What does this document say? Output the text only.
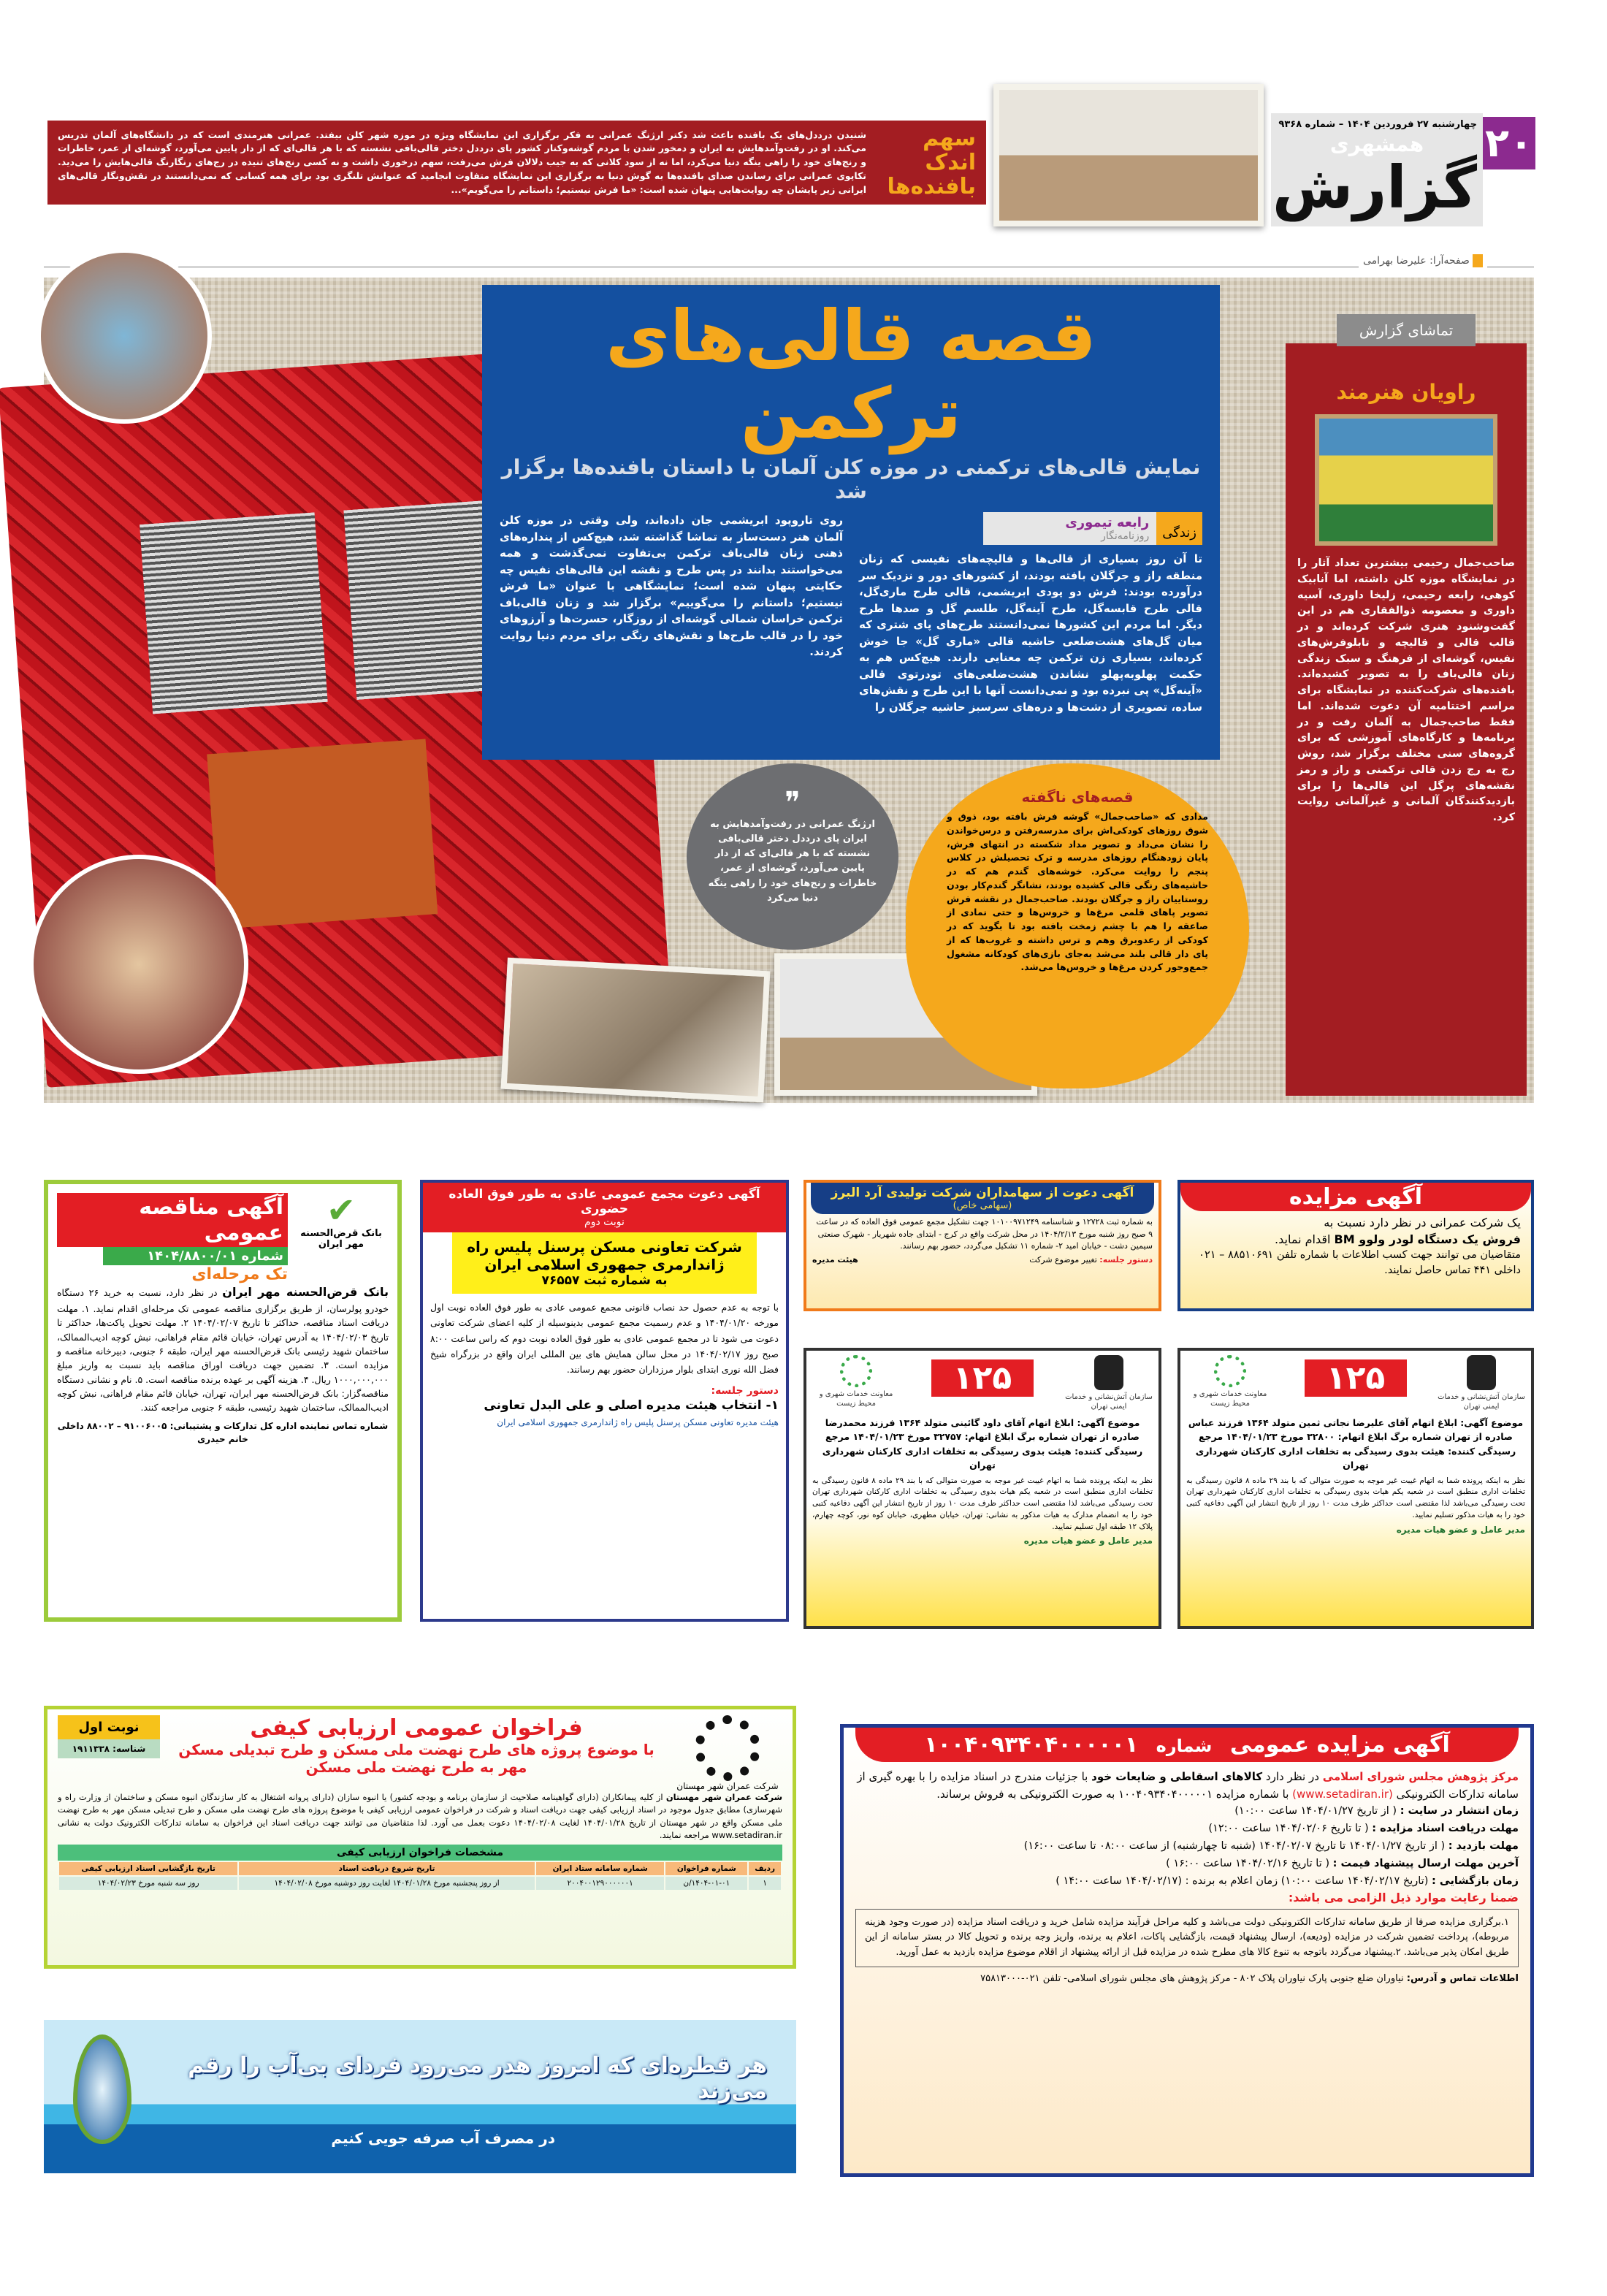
۲۰
چهارشنبه ۲۷ فروردین ۱۴۰۴ – شماره ۹۳۶۸
همشهری
گزارش
صفحه‌آرا: علیرضا بهرامی
سهم اندک بافنده‌ها

شنیدن درددل‌های یک بافنده باعث شد دکتر ارژنگ عمرانی به فکر برگزاری این نمایشگاه ویژه در موزه شهر کلن بیفتد. عمرانی هنرمندی است که در دانشگاه‌های آلمان تدریس می‌کند. او در رفت‌وآمدهایش به ایران و دمخور شدن با مردم گوشه‌وکنار کشور پای درددل دختر قالی‌بافی نشسته که با هر قالی‌ای که از دار پایین می‌آورد، گوشه‌ای از عمر، خاطرات و رنج‌های خود را راهی ینگه دنیا می‌کرد، اما نه از سود کلانی که به جیب دلالان فرش می‌رفت، سهم درخوری داشت و نه کسی رنج‌های تنیده در رج‌های رنگارنگ قالی‌هایش را می‌دید. تکاپوی عمرانی برای رساندن صدای بافنده‌ها به گوش دنیا به برگزاری این نمایشگاه متفاوت انجامید که عنوانش تلنگری بود برای همه کسانی که نمی‌دانستند در نقش‌ونگار قالی‌های ایرانی زیر پایشان چه روایت‌هایی پنهان شده است: «ما فرش نیستیم؛ داستانم را می‌گویم»...

قصه قالی‌های ترکمن
نمایش قالی‌های ترکمنی در موزه کلن آلمان با داستان بافنده‌ها برگزار شد
زندگی
رابعه تیموری
روزنامه‌نگار

تا آن روز بسیاری از قالی‌ها و قالیچه‌های نفیسی که زنان منطقه راز و جرگلان بافته بودند، از کشورهای دور و نزدیک سر درآورده بودند: فرش دو پودی ابریشمی، قالی طرح ماری‌گل، قالی طرح قابسه‌گل، طرح آینه‌گل، طلسم گل و صدها طرح دیگر. اما مردم این کشورها نمی‌دانستند طرح‌های پای شتری که میان گل‌های هشت‌ضلعی حاشیه قالی «ماری گل» جا خوش کرده‌اند، بسیاری زن ترکمن چه معنایی دارند. هیچ‌کس هم به حکمت پهلوبه‌پهلو نشاندن هشت‌ضلعی‌های تودرتوی قالی «آینه‌گل» پی نبرده بود و نمی‌دانست آنها با این طرح و نقش‌های ساده، تصویری از دشت‌ها و دره‌های سرسبز حاشیه جرگلان را

روی تاروپود ابریشمی جان داده‌اند، ولی وقتی در موزه کلن آلمان هنر دست‌ساز به تماشا گذاشته شد، هیچ‌کس از پنداره‌های ذهنی زنان قالی‌باف ترکمن بی‌تفاوت نمی‌گذشت و همه می‌خواستند بدانند در پس طرح و نقشه این قالی‌های نفیس چه حکایتی پنهان شده است؛ نمایشگاهی با عنوان «ما فرش نیستیم؛ داستانم را می‌گوییم» برگزار شد و زنان قالی‌باف ترکمن خراسان شمالی گوشه‌ای از روزگار، حسرت‌ها و آرزوهای خود را در قالب طرح‌ها و نقش‌های رنگی برای مردم دنیا روایت کردند.

تماشای گزارش
راویان هنرمند

صاحب‌جمال رحیمی بیشترین تعداد آثار را در نمایشگاه موزه کلن داشته، اما آنابیک کوهی، رابعه رحیمی، زلیخا داوری، آسیه داوری و معصومه ذوالفقاری هم در این گفت‌وشنود هنری شرکت کرده‌اند و در قالب قالی و قالیچه و تابلوفرش‌های نفیس، گوشه‌ای از فرهنگ و سبک زندگی زنان قالی‌باف را به تصویر کشیده‌اند. بافنده‌های شرکت‌کننده در نمایشگاه برای مراسم اختتامیه آن دعوت شده‌اند. اما فقط صاحب‌جمال به آلمان رفت و در برنامه‌ها و کارگاه‌های آموزشی که برای گروه‌های سنی مختلف برگزار شد، روش رج به رج زدن قالی ترکمنی و راز و رمز نقشه‌های پرگل این قالی‌ها را برای بازدیدکنندگان آلمانی و غیرآلمانی روایت کرد.

❞

ارژنگ عمرانی در رفت‌وآمدهایش به ایران پای درددل دختر قالی‌بافی نشسته که با هر قالی‌ای که از دار پایین می‌آورد، گوشه‌ای از عمر، خاطرات و رنج‌های خود را راهی ینگه دنیا می‌کرد

قصه‌های ناگفته

مدادی که «صاحب‌جمال» گوشه فرش بافته بود، ذوق و شوق روزهای کودکی‌اش برای مدرسه‌رفتن و درس‌خواندن را نشان می‌داد و تصویر مداد شکسته در انتهای فرش، پایان زودهنگام روزهای مدرسه و ترک تحصیلش در کلاس پنجم را روایت می‌کرد. خوشه‌های گندم هم که در حاشیه‌های رنگی قالی کشیده بودند، نشانگر گندم‌کار بودن روستاییان راز و جرگلان بودند. صاحب‌جمال در نقشه فرش تصویر پاهای قلمی مرغ‌ها و خروس‌ها و حتی نمادی از صاعقه را هم با چشم زمخت بافته بود تا بگوید که در کودکی از رعدوبرق وهم و ترس داشته و غروب‌ها که از پای دار قالی بلند می‌شد به‌جای بازی‌های کودکانه مشغول جمع‌وجور کردن مرغ‌ها و خروس‌ها می‌شد.

✔
بانک قرض‌الحسنه مهر ایران
آگهی مناقصه عمومی
شماره ۱۴۰۴/۸۸۰۰/۰۱
تک مرحله‌ای

بانک قرض‌الحسنه مهر ایران در نظر دارد، نسبت به خرید ۲۶ دستگاه خودرو پولرسان، از طریق برگزاری مناقصه عمومی تک مرحله‌ای اقدام نماید. ۱. مهلت دریافت اسناد مناقصه، حداکثر تا تاریخ ۱۴۰۴/۰۲/۰۷ ۲. مهلت تحویل پاکت‌ها، حداکثر تا تاریخ ۱۴۰۴/۰۲/۰۳ به آدرس تهران، خیابان قائم مقام فراهانی، نبش کوچه ادیب‌الممالک، ساختمان شهید رئیسی بانک قرض‌الحسنه مهر ایران، طبقه ۶ جنوبی، دبیرخانه مناقصه و مزایده است. ۳. تضمین جهت دریافت اوراق مناقصه باید نسبت به واریز مبلغ ۱۰۰۰,۰۰۰,۰۰۰ ریال. ۴. هزینه آگهی بر عهده برنده مناقصه است. ۵. نام و نشانی دستگاه مناقصه‌گزار: بانک قرض‌الحسنه مهر ایران، تهران، خیابان قائم مقام فراهانی، نبش کوچه ادیب‌الممالک، ساختمان شهید رئیسی، طبقه ۶ جنوبی مراجعه کنند.

شماره تماس نماینده اداره کل تدارکات و پشتیبانی: ۹۱۰۰۶۰۰۵ – ۸۸۰۰۲ داخلی خانم حیدری

آگهی دعوت مجمع عمومی عادی به طور فوق العاده حضوری
نوبت دوم
شرکت تعاونی مسکن پرسنل پلیس راه ژاندارمری جمهوری اسلامی ایران
به شماره ثبت ۷۶۵۵۷

با توجه به عدم حصول حد نصاب قانونی مجمع عمومی عادی به طور فوق العاده نوبت اول مورخه ۱۴۰۴/۰۱/۲۰ و عدم رسمیت مجمع عمومی بدینوسیله از کلیه اعضای شرکت تعاونی دعوت می شود تا در مجمع عمومی عادی به طور فوق العاده نوبت دوم که راس ساعت ۸:۰۰ صبح روز ۱۴۰۴/۰۲/۱۷ در محل سالن همایش های بین المللی ایران واقع در بزرگراه شیخ فضل الله نوری ابتدای بلوار مرزداران حضور بهم رسانند.

دستور جلسه:
۱- انتخاب هیئت مدیره اصلی و علی البدل تعاونی
هیئت مدیره تعاونی مسکن پرسنل پلیس راه ژاندارمری جمهوری اسلامی ایران
آگهی دعوت از سهامداران شرکت تولیدی آرد البرز
(سهامی خاص)

به شماره ثبت ۱۲۷۲۸ و شناسنامه ۱۰۱۰۰۹۷۱۲۴۹ جهت تشکیل مجمع عمومی فوق العاده که در ساعت ۹ صبح روز شنبه مورخ ۱۴۰۴/۲/۱۳ در محل شرکت واقع در کرج - ابتدای جاده شهریار - شهرک صنعتی سیمین دشت - خیابان امید ۲- شماره ۱۱ تشکیل می‌گردد، حضور بهم رسانند.

دستور جلسه: تغییر موضوع شرکت
هیئت مدیره
آگهی مزایده
یک شرکت عمرانی در نظر دارد نسبت به
فروش یک دستگاه لودر ولوو BM اقدام نماید.
متقاضیان می توانند جهت کسب اطلاعات با شماره تلفن ۸۸۵۱۰۶۹۱ – ۰۲۱ داخلی ۴۴۱ تماس حاصل نمایند.
سازمان آتش‌نشانی و خدمات ایمنی تهران
۱۲۵
معاونت خدمات شهری و محیط زیست

موضوع آگهی: ابلاغ اتهام آقای داود گائینی متولد ۱۳۶۴ فرزند محمدرضا صادره از تهران شماره برگ ابلاغ اتهام: ۳۲۷۵۷ مورخ ۱۴۰۴/۰۱/۲۳ مرجع رسیدگی کننده: هیئت بدوی رسیدگی به تخلفات اداری کارکنان شهرداری تهران

نظر به اینکه پرونده شما به اتهام غیبت غیر موجه به صورت متوالی که با بند ۲۹ ماده ۸ قانون رسیدگی به تخلفات اداری منطبق است در شعبه یکم هیات بدوی رسیدگی به تخلفات اداری کارکنان شهرداری تهران تحت رسیدگی می‌باشد لذا مقتضی است حداکثر ظرف مدت ۱۰ روز از تاریخ انتشار این آگهی دفاعیه کتبی خود را به انضمام مدارک به هیات مذکور به نشانی: تهران، خیابان مطهری، خیابان کوه نور، کوچه چهارم، پلاک ۱۲ طبقه اول تسلیم نمایید.

مدیر عامل و عضو هیات مدیره
سازمان آتش‌نشانی و خدمات ایمنی تهران
۱۲۵
معاونت خدمات شهری و محیط زیست

موضوع آگهی: ابلاغ اتهام آقای علیرضا نجاتی ثمین متولد ۱۳۶۴ فرزند عباس صادره از تهران شماره برگ ابلاغ اتهام: ۳۲۸۰۰ مورخ ۱۴۰۴/۰۱/۲۳ مرجع رسیدگی کننده: هیئت بدوی رسیدگی به تخلفات اداری کارکنان شهرداری تهران

نظر به اینکه پرونده شما به اتهام غیبت غیر موجه به صورت متوالی که با بند ۲۹ ماده ۸ قانون رسیدگی به تخلفات اداری منطبق است در شعبه یکم هیات بدوی رسیدگی به تخلفات اداری کارکنان شهرداری تهران تحت رسیدگی می‌باشد لذا مقتضی است حداکثر ظرف مدت ۱۰ روز از تاریخ انتشار این آگهی دفاعیه کتبی خود را به هیات مذکور تسلیم نمایید.

مدیر عامل و عضو هیات مدیره
شرکت عمران شهر مهستان
فراخوان عمومی ارزیابی کیفی
با موضوع پروژه های طرح نهضت ملی مسکن و طرح تبدیلی مسکن مهر به طرح نهضت ملی مسکن
نوبت اول
شناسه: ۱۹۱۱۳۳۸

شرکت عمران شهر مهستان از کلیه پیمانکاران (دارای گواهینامه صلاحیت از سازمان برنامه و بودجه کشور) یا انبوه سازان (دارای پروانه اشتغال به کار سازندگان انبوه مسکن و ساختمان از وزارت راه و شهرسازی) مطابق جدول موجود در اسناد ارزیابی کیفی جهت دریافت اسناد و شرکت در فراخوان عمومی ارزیابی کیفی با موضوع پروژه های طرح نهضت ملی مسکن و طرح تبدیلی مسکن مهر به طرح نهضت ملی مسکن واقع در شهر مهستان از تاریخ ۱۴۰۴/۰۱/۲۸ لغایت ۱۴۰۴/۰۲/۰۸ دعوت بعمل می آورد. لذا متقاضیان می توانند جهت دریافت اسناد این فراخوان به سامانه تدارکات الکترونیک دولت به نشانی www.setadiran.ir مراجعه نمایند.

مشخصات فراخوان ارزیابی کیفی
ردیف	شماره فراخوان	شماره سامانه ستاد ایران	تاریخ شروع دریافت اسناد	تاریخ بازگشایی اسناد ارزیابی کیفی
۱	۱۴۰۴-۰۱-۰۱/ن	۲۰۰۴۰۰۱۲۹۰۰۰۰۰۰۱	از روز پنجشنبه مورخ ۱۴۰۴/۰۱/۲۸ لغایت روز دوشنبه مورخ ۱۴۰۴/۰۲/۰۸	روز سه شنبه مورخ ۱۴۰۴/۰۲/۲۳
هر قطره‌ای که امروز هدر می‌رود فردای بی‌آب را رقم می‌زند
در مصرف آب صرفه جویی کنیم
آگهی مزایده عمومی شماره ۱۰۰۴۰۹۳۴۰۴۰۰۰۰۰۱

مرکز پژوهش مجلس شورای اسلامی در نظر دارد کالاهای اسقاطی و ضایعات خود با جزئیات مندرج در اسناد مزایده را با بهره گیری از سامانه تدارکات الکترونیکی (www.setadiran.ir) با شماره مزایده ۱۰۰۴۰۹۳۴۰۴۰۰۰۰۰۱ به صورت الکترونیکی به فروش برساند.

زمان انتشار در سایت : ( از تاریخ ۱۴۰۴/۰۱/۲۷ ساعت ۱۰:۰۰)
مهلت دریافت اسناد مزایده : ( تا تاریخ ۱۴۰۴/۰۲/۰۶ ساعت ۱۲:۰۰)
مهلت بازدید : ( از تاریخ ۱۴۰۴/۰۱/۲۷ تا تاریخ ۱۴۰۴/۰۲/۰۷ (شنبه تا چهارشنبه) از ساعت ۰۸:۰۰ تا ساعت ۱۶:۰۰)
آخرین مهلت ارسال پیشنهاد قیمت : ( تا تاریخ ۱۴۰۴/۰۲/۱۶ ساعت ۱۶:۰۰ )
زمان بازگشایی : (تاریخ ۱۴۰۴/۰۲/۱۷ ساعت ۱۰:۰۰) زمان اعلام به برنده : (۱۴۰۴/۰۲/۱۷ ساعت ۱۴:۰۰ )
ضمنا رعایت موارد ذیل الزامی می باشد:

۱.برگزاری مزایده صرفا از طریق سامانه تدارکات الکترونیکی دولت می‌باشد و کلیه مراحل فرآیند مزایده شامل خرید و دریافت اسناد مزایده (در صورت وجود هزینه مربوطه)، پرداخت تضمین شرکت در مزایده (ودیعه)، ارسال پیشنهاد قیمت، بازگشایی پاکات، اعلام به برنده، واریز وجه برنده و تحویل کالا در بستر سامانه از این طریق امکان پذیر می‌باشد. ۲.پیشنهاد می‌گردد باتوجه به تنوع کالا های مطرح شده در مزایده قبل از ارائه پیشنهاد از اقلام موضوع مزایده بازدید به عمل آورید.

اطلاعات تماس و آدرس: نیاوران ضلع جنوبی پارک نیاوران پلاک ۸۰۲ - مرکز پژوهش های مجلس شورای اسلامی- تلفن ۰۲۱-۷۵۸۱۳۰۰۰
